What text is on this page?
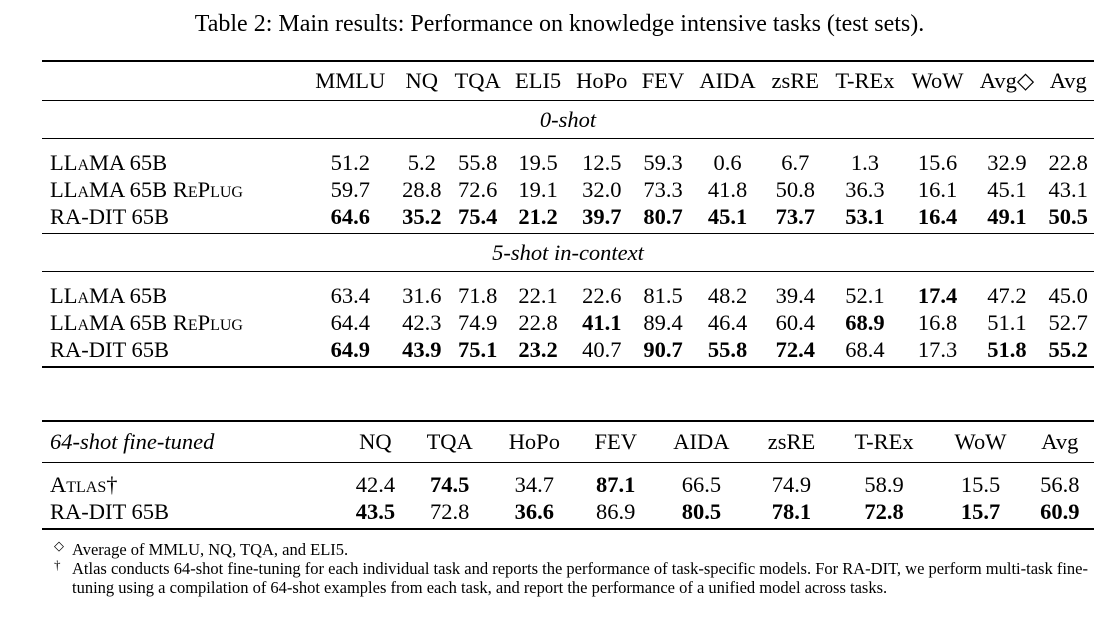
Table 2: Main results: Performance on knowledge intensive tasks (test sets).
	MMLU	NQ	TQA	ELI5	HoPo	FEV	AIDA	zsRE	T-REx	WoW	Avg◇	Avg
0-shot												
LLaMA 65B	51.2	5.2	55.8	19.5	12.5	59.3	0.6	6.7	1.3	15.6	32.9	22.8
LLaMA 65B RePlug	59.7	28.8	72.6	19.1	32.0	73.3	41.8	50.8	36.3	16.1	45.1	43.1
RA-DIT 65B	64.6	35.2	75.4	21.2	39.7	80.7	45.1	73.7	53.1	16.4	49.1	50.5
5-shot in-context												
LLaMA 65B	63.4	31.6	71.8	22.1	22.6	81.5	48.2	39.4	52.1	17.4	47.2	45.0
LLaMA 65B RePlug	64.4	42.3	74.9	22.8	41.1	89.4	46.4	60.4	68.9	16.8	51.1	52.7
RA-DIT 65B	64.9	43.9	75.1	23.2	40.7	90.7	55.8	72.4	68.4	17.3	51.8	55.2
64-shot fine-tuned	NQ	TQA	HoPo	FEV	AIDA	zsRE	T-REx	WoW	Avg
Atlas†	42.4	74.5	34.7	87.1	66.5	74.9	58.9	15.5	56.8
RA-DIT 65B	43.5	72.8	36.6	86.9	80.5	78.1	72.8	15.7	60.9
◇ Average of MMLU, NQ, TQA, and ELI5.
† Atlas conducts 64-shot fine-tuning for each individual task and reports the performance of task-specific models. For RA-DIT, we perform multi-task fine-tuning using a compilation of 64-shot examples from each task, and report the performance of a unified model across tasks.
